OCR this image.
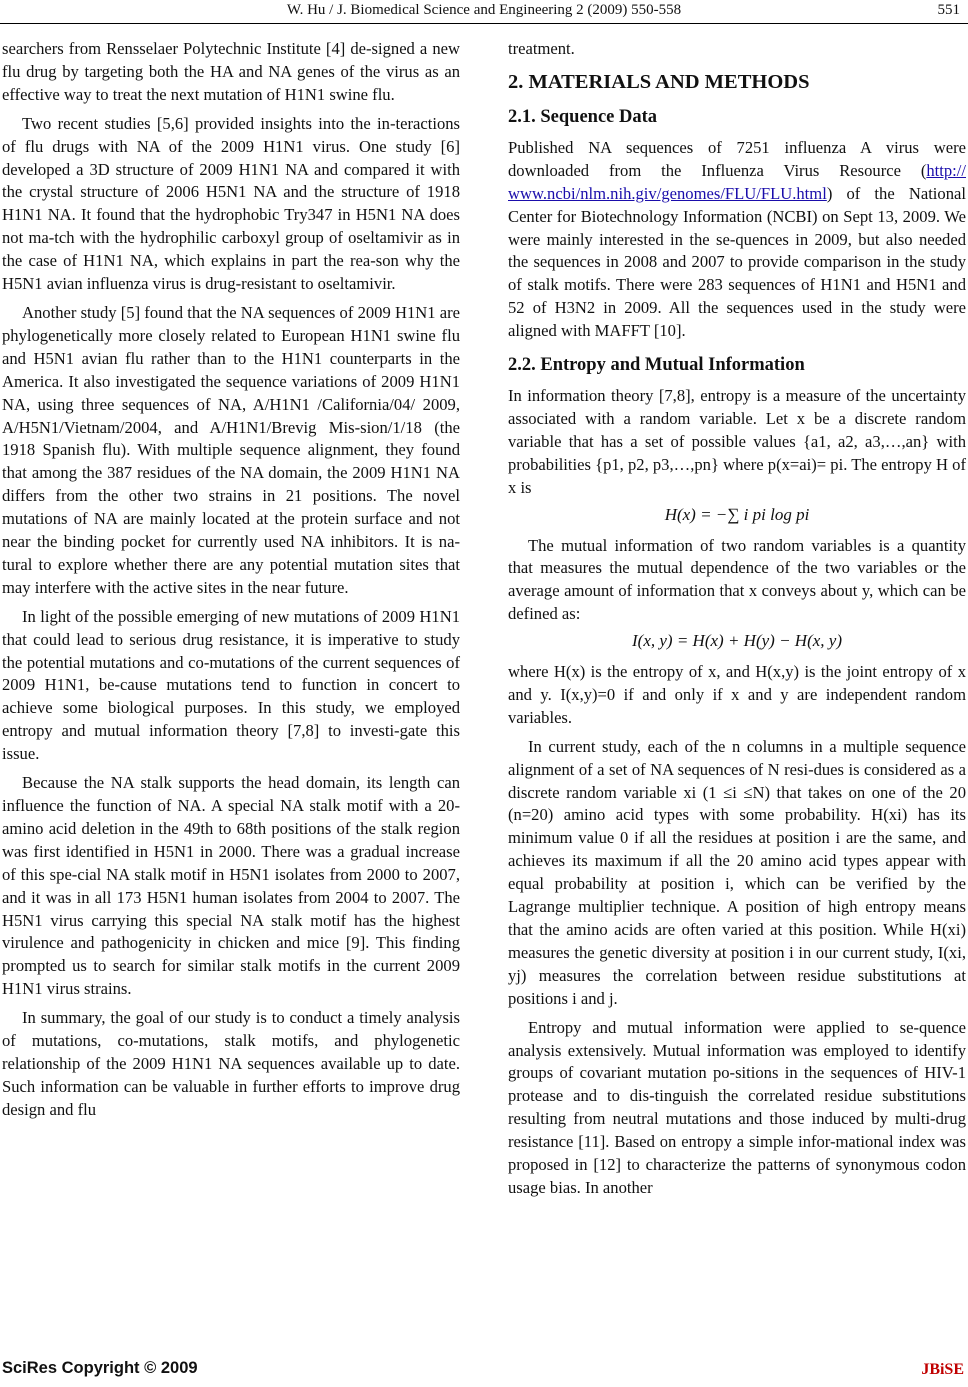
W. Hu / J. Biomedical Science and Engineering 2 (2009) 550-558	551

searchers from Rensselaer Polytechnic Institute [4] de-signed a new flu drug by targeting both the HA and NA genes of the virus as an effective way to treat the next mutation of H1N1 swine flu.

Two recent studies [5,6] provided insights into the in-teractions of flu drugs with NA of the 2009 H1N1 virus. One study [6] developed a 3D structure of 2009 H1N1 NA and compared it with the crystal structure of 2006 H5N1 NA and the structure of 1918 H1N1 NA. It found that the hydrophobic Try347 in H5N1 NA does not ma-tch with the hydrophilic carboxyl group of oseltamivir as in the case of H1N1 NA, which explains in part the rea-son why the H5N1 avian influenza virus is drug-resistant to oseltamivir.

Another study [5] found that the NA sequences of 2009 H1N1 are phylogenetically more closely related to European H1N1 swine flu and H5N1 avian flu rather than to the H1N1 counterparts in the America. It also investigated the sequence variations of 2009 H1N1 NA, using three sequences of NA, A/H1N1 /California/04/ 2009, A/H5N1/Vietnam/2004, and A/H1N1/Brevig Mis-sion/1/18 (the 1918 Spanish flu). With multiple sequence alignment, they found that among the 387 residues of the NA domain, the 2009 H1N1 NA differs from the other two strains in 21 positions. The novel mutations of NA are mainly located at the protein surface and not near the binding pocket for currently used NA inhibitors. It is na-tural to explore whether there are any potential mutation sites that may interfere with the active sites in the near future.

In light of the possible emerging of new mutations of 2009 H1N1 that could lead to serious drug resistance, it is imperative to study the potential mutations and co-mutations of the current sequences of 2009 H1N1, be-cause mutations tend to function in concert to achieve some biological purposes. In this study, we employed entropy and mutual information theory [7,8] to investi-gate this issue.

Because the NA stalk supports the head domain, its length can influence the function of NA. A special NA stalk motif with a 20-amino acid deletion in the 49th to 68th positions of the stalk region was first identified in H5N1 in 2000. There was a gradual increase of this spe-cial NA stalk motif in H5N1 isolates from 2000 to 2007, and it was in all 173 H5N1 human isolates from 2004 to 2007. The H5N1 virus carrying this special NA stalk motif has the highest virulence and pathogenicity in chicken and mice [9]. This finding prompted us to search for similar stalk motifs in the current 2009 H1N1 virus strains.

In summary, the goal of our study is to conduct a timely analysis of mutations, co-mutations, stalk motifs, and phylogenetic relationship of the 2009 H1N1 NA sequences available up to date. Such information can be valuable in further efforts to improve drug design and flu

treatment.

2. MATERIALS AND METHODS
2.1. Sequence Data

Published NA sequences of 7251 influenza A virus were downloaded from the Influenza Virus Resource (http:// www.ncbi/nlm.nih.giv/genomes/FLU/FLU.html) of the National Center for Biotechnology Information (NCBI) on Sept 13, 2009. We were mainly interested in the se-quences in 2009, but also needed the sequences in 2008 and 2007 to provide comparison in the study of stalk motifs. There were 283 sequences of H1N1 and H5N1 and 52 of H3N2 in 2009. All the sequences used in the study were aligned with MAFFT [10].

2.2. Entropy and Mutual Information

In information theory [7,8], entropy is a measure of the uncertainty associated with a random variable. Let x be a discrete random variable that has a set of possible values {a1, a2, a3,…,an} with probabilities {p1, p2, p3,…,pn} where p(x=ai)= pi. The entropy H of x is

H(x) = −∑ i pi log pi

The mutual information of two random variables is a quantity that measures the mutual dependence of the two variables or the average amount of information that x conveys about y, which can be defined as:

I(x, y) = H(x) + H(y) − H(x, y)

where H(x) is the entropy of x, and H(x,y) is the joint entropy of x and y. I(x,y)=0 if and only if x and y are independent random variables.

In current study, each of the n columns in a multiple sequence alignment of a set of NA sequences of N resi-dues is considered as a discrete random variable xi (1 ≤i ≤N) that takes on one of the 20 (n=20) amino acid types with some probability. H(xi) has its minimum value 0 if all the residues at position i are the same, and achieves its maximum if all the 20 amino acid types appear with equal probability at position i, which can be verified by the Lagrange multiplier technique. A position of high entropy means that the amino acids are often varied at this position. While H(xi) measures the genetic diversity at position i in our current study, I(xi, yj) measures the correlation between residue substitutions at positions i and j.

Entropy and mutual information were applied to se-quence analysis extensively. Mutual information was employed to identify groups of covariant mutation po-sitions in the sequences of HIV-1 protease and to dis-tinguish the correlated residue substitutions resulting from neutral mutations and those induced by multi-drug resistance [11]. Based on entropy a simple infor-mational index was proposed in [12] to characterize the patterns of synonymous codon usage bias. In another

SciRes Copyright © 2009	JBiSE
